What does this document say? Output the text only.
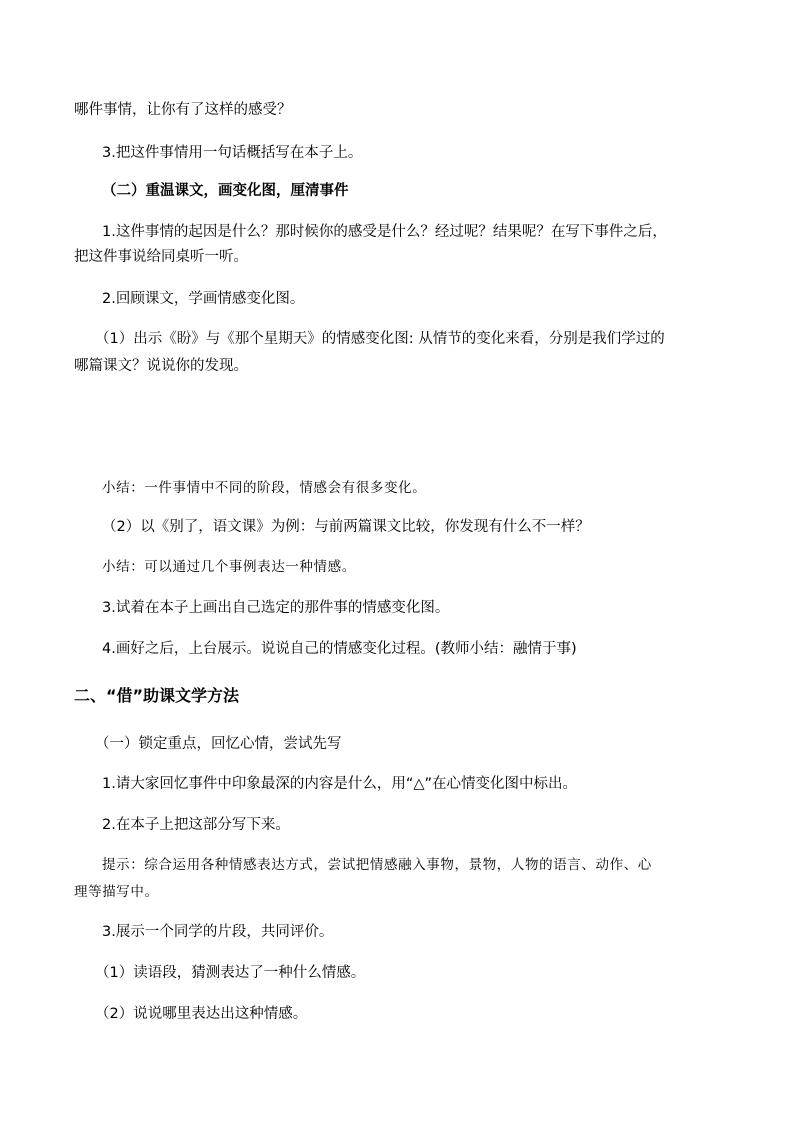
哪件事情，让你有了这样的感受？
3.把这件事情用一句话概括写在本子上。
（二）重温课文，画变化图，厘清事件
1.这件事情的起因是什么？那时候你的感受是什么？经过呢？结果呢？在写下事件之后，
把这件事说给同桌听一听。
2.回顾课文，学画情感变化图。
（1）出示《盼》与《那个星期天》的情感变化图: 从情节的变化来看，分别是我们学过的
哪篇课文？说说你的发现。
小结：一件事情中不同的阶段，情感会有很多变化。
（2）以《别了，语文课》为例：与前两篇课文比较，你发现有什么不一样？
小结：可以通过几个事例表达一种情感。
3.试着在本子上画出自己选定的那件事的情感变化图。
4.画好之后，上台展示。说说自己的情感变化过程。(教师小结：融情于事)
二、“借”助课文学方法
（一）锁定重点，回忆心情，尝试先写
1.请大家回忆事件中印象最深的内容是什么，用“△”在心情变化图中标出。
2.在本子上把这部分写下来。
提示：综合运用各种情感表达方式，尝试把情感融入事物，景物，人物的语言、动作、心
理等描写中。
3.展示一个同学的片段，共同评价。
（1）读语段，猜测表达了一种什么情感。
（2）说说哪里表达出这种情感。
